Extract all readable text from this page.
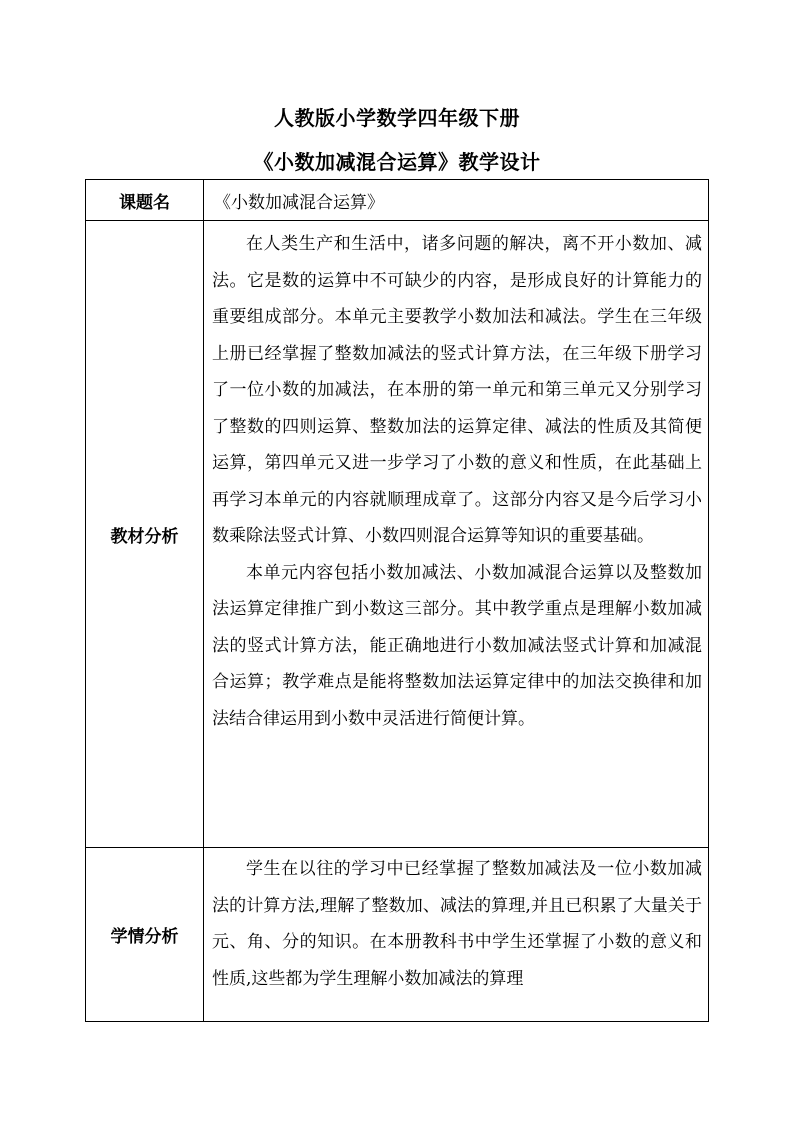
人教版小学数学四年级下册
《小数加减混合运算》教学设计
课题名	《小数加减混合运算》
教材分析	在人类生产和生活中，诸多问题的解决，离不开小数加、减法。它是数的运算中不可缺少的内容，是形成良好的计算能力的重要组成部分。本单元主要教学小数加法和减法。学生在三年级上册已经掌握了整数加减法的竖式计算方法，在三年级下册学习了一位小数的加减法，在本册的第一单元和第三单元又分别学习了整数的四则运算、整数加法的运算定律、减法的性质及其简便运算，第四单元又进一步学习了小数的意义和性质，在此基础上再学习本单元的内容就顺理成章了。这部分内容又是今后学习小数乘除法竖式计算、小数四则混合运算等知识的重要基础。

本单元内容包括小数加减法、小数加减混合运算以及整数加法运算定律推广到小数这三部分。其中教学重点是理解小数加减法的竖式计算方法，能正确地进行小数加减法竖式计算和加减混合运算；教学难点是能将整数加法运算定律中的加法交换律和加法结合律运用到小数中灵活进行简便计算。

学情分析	学生在以往的学习中已经掌握了整数加减法及一位小数加减法的计算方法,理解了整数加、减法的算理,并且已积累了大量关于元、角、分的知识。在本册教科书中学生还掌握了小数的意义和性质,这些都为学生理解小数加减法的算理
